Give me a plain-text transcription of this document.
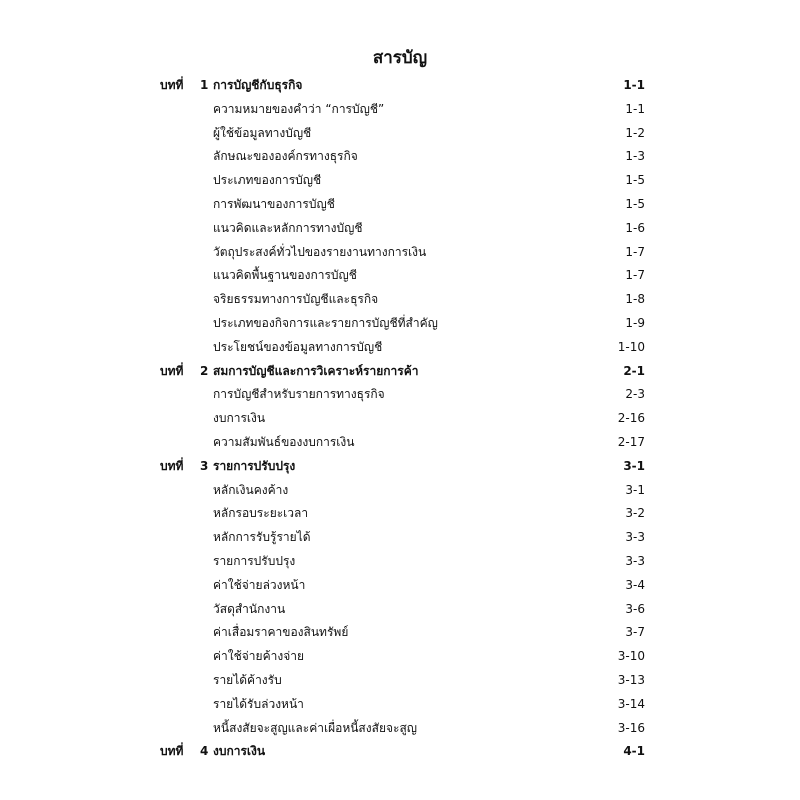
สารบัญ
บทที่ 1 การบัญชีกับธุรกิจ	1-1
ความหมายของคำว่า “การบัญชี”	1-1
ผู้ใช้ข้อมูลทางบัญชี	1-2
ลักษณะขององค์กรทางธุรกิจ	1-3
ประเภทของการบัญชี	1-5
การพัฒนาของการบัญชี	1-5
แนวคิดและหลักการทางบัญชี	1-6
วัตถุประสงค์ทั่วไปของรายงานทางการเงิน	1-7
แนวคิดพื้นฐานของการบัญชี	1-7
จริยธรรมทางการบัญชีและธุรกิจ	1-8
ประเภทของกิจการและรายการบัญชีที่สำคัญ	1-9
ประโยชน์ของข้อมูลทางการบัญชี	1-10
บทที่ 2 สมการบัญชีและการวิเคราะห์รายการค้า	2-1
การบัญชีสำหรับรายการทางธุรกิจ	2-3
งบการเงิน	2-16
ความสัมพันธ์ของงบการเงิน	2-17
บทที่ 3 รายการปรับปรุง	3-1
หลักเงินคงค้าง	3-1
หลักรอบระยะเวลา	3-2
หลักการรับรู้รายได้	3-3
รายการปรับปรุง	3-3
ค่าใช้จ่ายล่วงหน้า	3-4
วัสดุสำนักงาน	3-6
ค่าเสื่อมราคาของสินทรัพย์	3-7
ค่าใช้จ่ายค้างจ่าย	3-10
รายได้ค้างรับ	3-13
รายได้รับล่วงหน้า	3-14
หนี้สงสัยจะสูญและค่าเผื่อหนี้สงสัยจะสูญ	3-16
บทที่ 4 งบการเงิน	4-1
